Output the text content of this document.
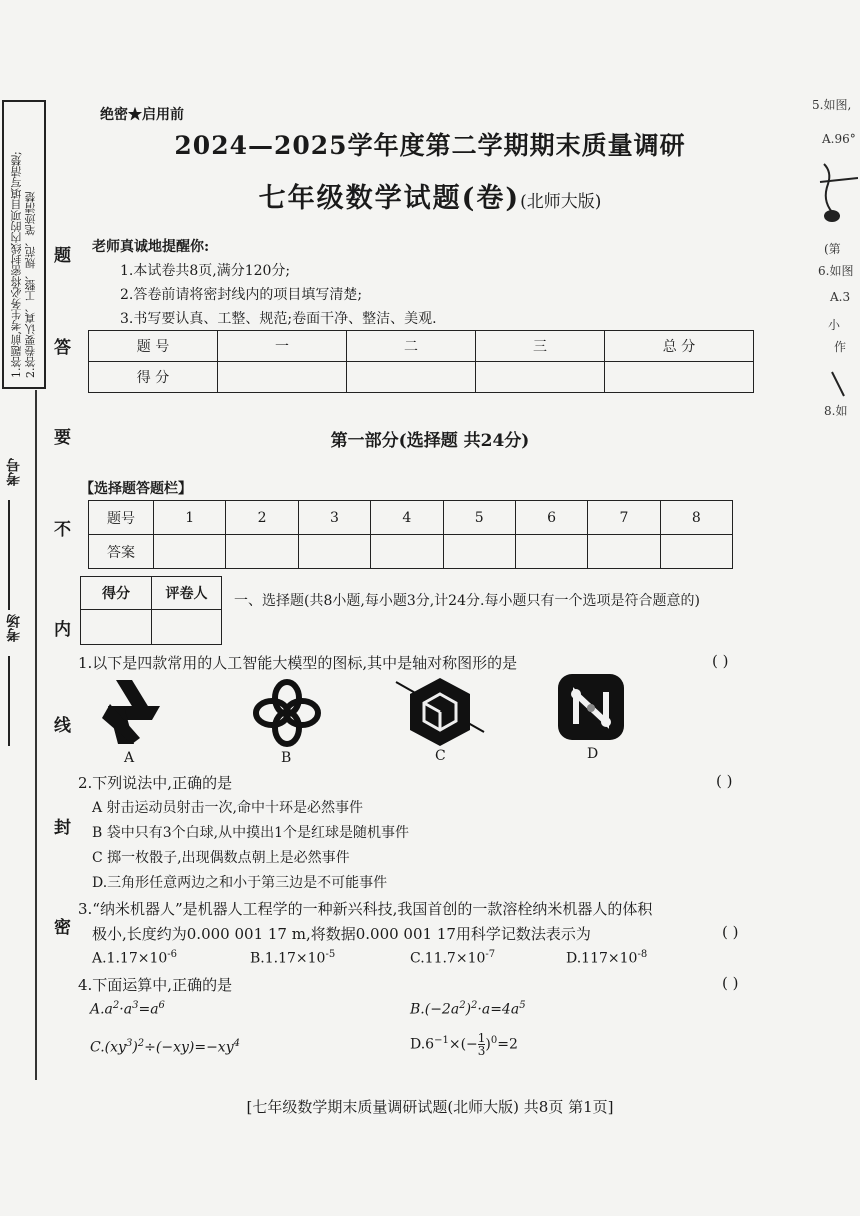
1.答题前,考生务必将密封线内的项目填写清楚; 2.答卷要认真、工整、规范、笔迹清楚 题
答
要
不
内
线
封
密
考号
考场
绝密★启用前
2024—2025学年度第二学期期末质量调研
七年级数学试题(卷)(北师大版)
老师真诚地提醒你:
1.本试卷共8页,满分120分;
2.答卷前请将密封线内的项目填写清楚;
3.书写要认真、工整、规范;卷面干净、整洁、美观.
题 号	一	二	三	总 分
得 分				
第一部分(选择题 共24分)
【选择题答题栏】
题号	1	2	3	4	5	6	7	8
答案								
得分	评卷人
	一、选择题(共8小题,每小题3分,计24分.每小题只有一个选项是符合题意的)
1.以下是四款常用的人工智能大模型的图标,其中是轴对称图形的是	( )
A	B	C	D
2.下列说法中,正确的是	( )
A 射击运动员射击一次,命中十环是必然事件
B 袋中只有3个白球,从中摸出1个是红球是随机事件
C 掷一枚骰子,出现偶数点朝上是必然事件
D.三角形任意两边之和小于第三边是不可能事件
3.“纳米机器人”是机器人工程学的一种新兴科技,我国首创的一款溶栓纳米机器人的体积
极小,长度约为0.000 001 17 m,将数据0.000 001 17用科学记数法表示为	( )
$A.1.17\times 10^{-6}$	$B.1.17\times 10^{-5}$	$C.11.7\times 10^{-7}$	$D.117\times 10^{-8}$
4.下面运算中,正确的是	( )
$A.a^2\cdot a^3=a^6$	$B.(-2a^2)^2\cdot a=4a^5$
$C.(xy^3)^2\div(-xy)=-xy^4$	$D.6^{-1}\times(- \frac{1}{3} )^0=2$
[七年级数学期末质量调研试题(北师大版) 共8页 第1页]
5.如图,
A.96°
(第
6.如图
A.3
小
作
8.如
